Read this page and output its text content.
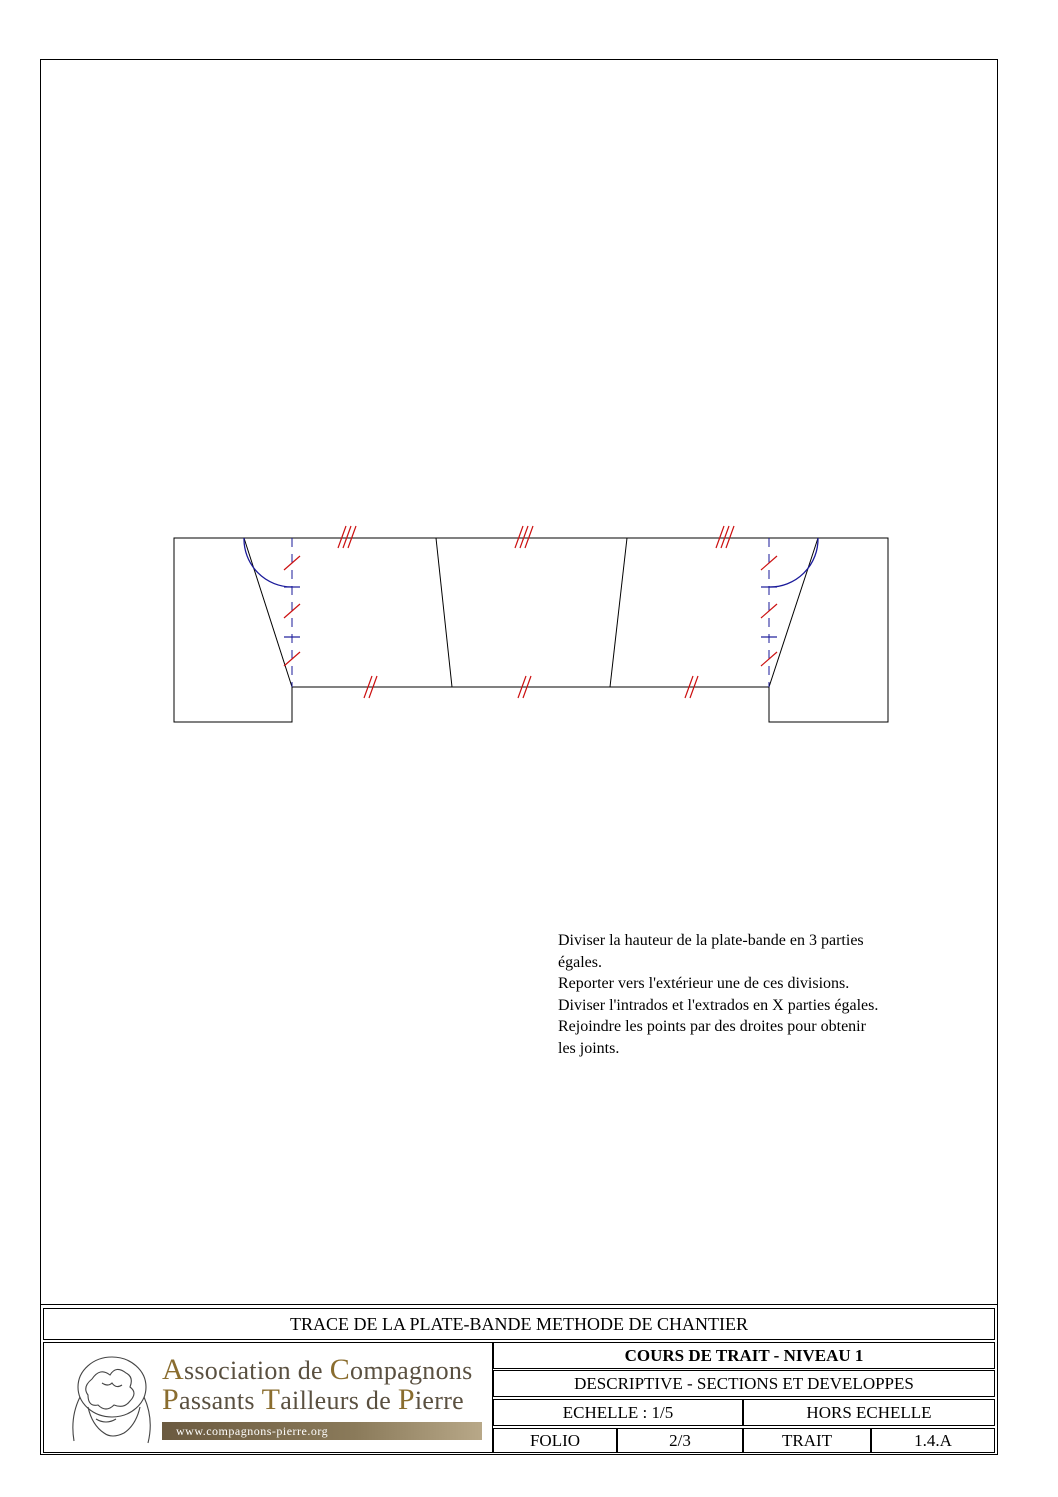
Diviser la hauteur de la plate-bande en 3 parties
égales.
Reporter vers l'extérieur une de ces divisions.
Diviser l'intrados et l'extrados en X parties égales.
Rejoindre les points par des droites pour obtenir
les joints.
TRACE DE LA PLATE-BANDE METHODE DE CHANTIER
Association de Compagnons
Passants Tailleurs de Pierre
www.compagnons-pierre.org
COURS DE TRAIT - NIVEAU 1
DESCRIPTIVE - SECTIONS ET DEVELOPPES
ECHELLE : 1/5	HORS ECHELLE
FOLIO	2/3	TRAIT	1.4.A
